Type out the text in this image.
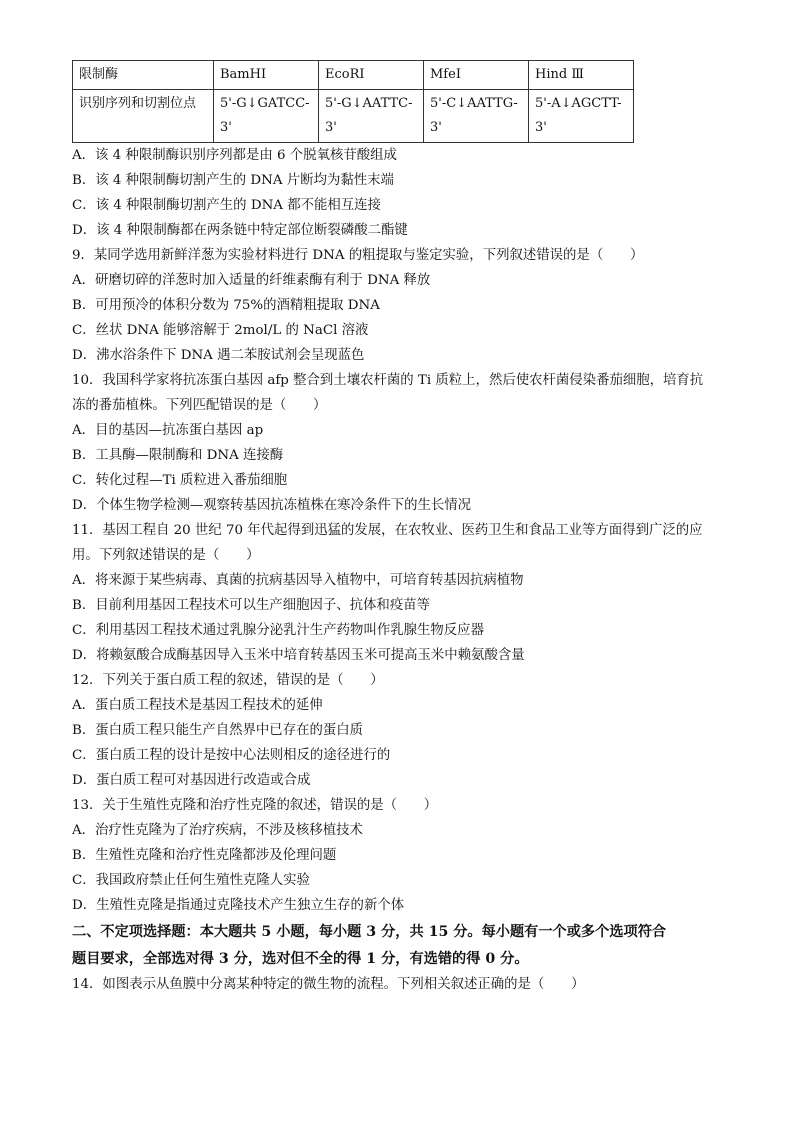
限制酶	BamHI	EcoRI	MfeI	Hind Ⅲ
识别序列和切割位点	5'-G↓GATCC-3'	5'-G↓AATTC-3'	5'-C↓AATTG-3'	5'-A↓AGCTT-3'
A．该 4 种限制酶识别序列都是由 6 个脱氧核苷酸组成
B．该 4 种限制酶切割产生的 DNA 片断均为黏性末端
C．该 4 种限制酶切割产生的 DNA 都不能相互连接
D．该 4 种限制酶都在两条链中特定部位断裂磷酸二酯键
9．某同学选用新鲜洋葱为实验材料进行 DNA 的粗提取与鉴定实验，下列叙述错误的是（　　）
A．研磨切碎的洋葱时加入适量的纤维素酶有利于 DNA 释放
B．可用预冷的体积分数为 75%的酒精粗提取 DNA
C．丝状 DNA 能够溶解于 2mol/L 的 NaCl 溶液
D．沸水浴条件下 DNA 遇二苯胺试剂会呈现蓝色
10．我国科学家将抗冻蛋白基因 afp 整合到土壤农杆菌的 Ti 质粒上，然后使农杆菌侵染番茄细胞，培育抗
冻的番茄植株。下列匹配错误的是（　　）
A．目的基因—抗冻蛋白基因 ap
B．工具酶—限制酶和 DNA 连接酶
C．转化过程—Ti 质粒进入番茄细胞
D．个体生物学检测—观察转基因抗冻植株在寒冷条件下的生长情况
11．基因工程自 20 世纪 70 年代起得到迅猛的发展，在农牧业、医药卫生和食品工业等方面得到广泛的应
用。下列叙述错误的是（　　）
A．将来源于某些病毒、真菌的抗病基因导入植物中，可培育转基因抗病植物
B．目前利用基因工程技术可以生产细胞因子、抗体和疫苗等
C．利用基因工程技术通过乳腺分泌乳汁生产药物叫作乳腺生物反应器
D．将赖氨酸合成酶基因导入玉米中培育转基因玉米可提高玉米中赖氨酸含量
12．下列关于蛋白质工程的叙述，错误的是（　　）
A．蛋白质工程技术是基因工程技术的延伸
B．蛋白质工程只能生产自然界中已存在的蛋白质
C．蛋白质工程的设计是按中心法则相反的途径进行的
D．蛋白质工程可对基因进行改造或合成
13．关于生殖性克隆和治疗性克隆的叙述，错误的是（　　）
A．治疗性克隆为了治疗疾病，不涉及核移植技术
B．生殖性克隆和治疗性克隆都涉及伦理问题
C．我国政府禁止任何生殖性克隆人实验
D．生殖性克隆是指通过克隆技术产生独立生存的新个体
二、不定项选择题：本大题共 5 小题，每小题 3 分，共 15 分。每小题有一个或多个选项符合
题目要求，全部选对得 3 分，选对但不全的得 1 分，有选错的得 0 分。
14．如图表示从鱼膜中分离某种特定的微生物的流程。下列相关叙述正确的是（　　）
